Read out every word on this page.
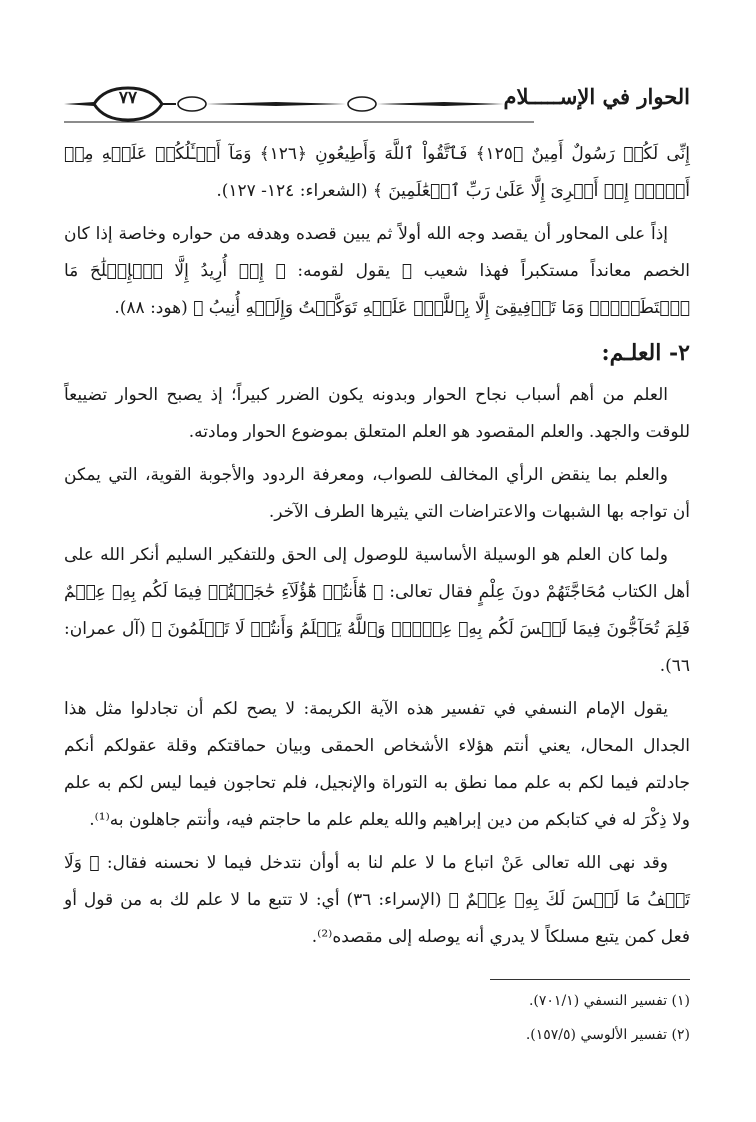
الحوار في الإســـــلام
٧٧

إِنِّى لَكُمۡ رَسُولٌ أَمِينٌ ﴿١٢٥﴾ فَٱتَّقُواْ ٱللَّهَ وَأَطِيعُونِ ﴿١٢٦﴾ وَمَآ أَسۡـَٔلُكُمۡ عَلَيۡهِ مِنۡ أَجۡرٍۖ إِنۡ أَجۡرِىَ إِلَّا عَلَىٰ رَبِّ ٱلۡعَٰلَمِينَ ﴾ (الشعراء: ١٢٤- ١٢٧).

إذاً على المحاور أن يقصد وجه الله أولاً ثم يبين قصده وهدفه من حواره وخاصة إذا كان الخصم معانداً مستكبراً فهذا شعيب ﷺ يقول لقومه: ﴿ إِنۡ أُرِيدُ إِلَّا ٱلۡإِصۡلَٰحَ مَا ٱسۡتَطَعۡتُۚ وَمَا تَوۡفِيقِىٓ إِلَّا بِٱللَّهِۚ عَلَيۡهِ تَوَكَّلۡتُ وَإِلَيۡهِ أُنِيبُ ﴾ (هود: ٨٨).

٢- العلـم:

العلم من أهم أسباب نجاح الحوار وبدونه يكون الضرر كبيراً؛ إذ يصبح الحوار تضييعاً للوقت والجهد. والعلم المقصود هو العلم المتعلق بموضوع الحوار ومادته.

والعلم بما ينقض الرأي المخالف للصواب، ومعرفة الردود والأجوبة القوية، التي يمكن أن تواجه بها الشبهات والاعتراضات التي يثيرها الطرف الآخر.

ولما كان العلم هو الوسيلة الأساسية للوصول إلى الحق وللتفكير السليم أنكر الله على أهل الكتاب مُحَاجَّتَهُمْ دونَ عِلْمٍ فقال تعالى: ﴿ هَٰٓأَنتُمۡ هَٰٓؤُلَآءِ حَٰجَجۡتُمۡ فِيمَا لَكُم بِهِۦ عِلۡمٌ فَلِمَ تُحَآجُّونَ فِيمَا لَيۡسَ لَكُم بِهِۦ عِلۡمٌۚ وَٱللَّهُ يَعۡلَمُ وَأَنتُمۡ لَا تَعۡلَمُونَ ﴾ (آل عمران: ٦٦).

يقول الإمام النسفي في تفسير هذه الآية الكريمة: لا يصح لكم أن تجادلوا مثل هذا الجدال المحال، يعني أنتم هؤلاء الأشخاص الحمقى وبيان حماقتكم وقلة عقولكم أنكم جادلتم فيما لكم به علم مما نطق به التوراة والإنجيل، فلم تحاجون فيما ليس لكم به علم ولا ذِكْرَ له في كتابكم من دين إبراهيم والله يعلم علم ما حاجتم فيه، وأنتم جاهلون به⁽¹⁾.

وقد نهى الله تعالى عَنْ اتباع ما لا علم لنا به أوأن نتدخل فيما لا نحسنه فقال: ﴿ وَلَا تَقۡفُ مَا لَيۡسَ لَكَ بِهِۦ عِلۡمٌ ﴾ (الإسراء: ٣٦) أي: لا تتبع ما لا علم لك به من قول أو فعل كمن يتبع مسلكاً لا يدري أنه يوصله إلى مقصده⁽²⁾.

(١) تفسير النسفي (٧٠١/١).

(٢) تفسير الألوسي (١٥٧/٥).
